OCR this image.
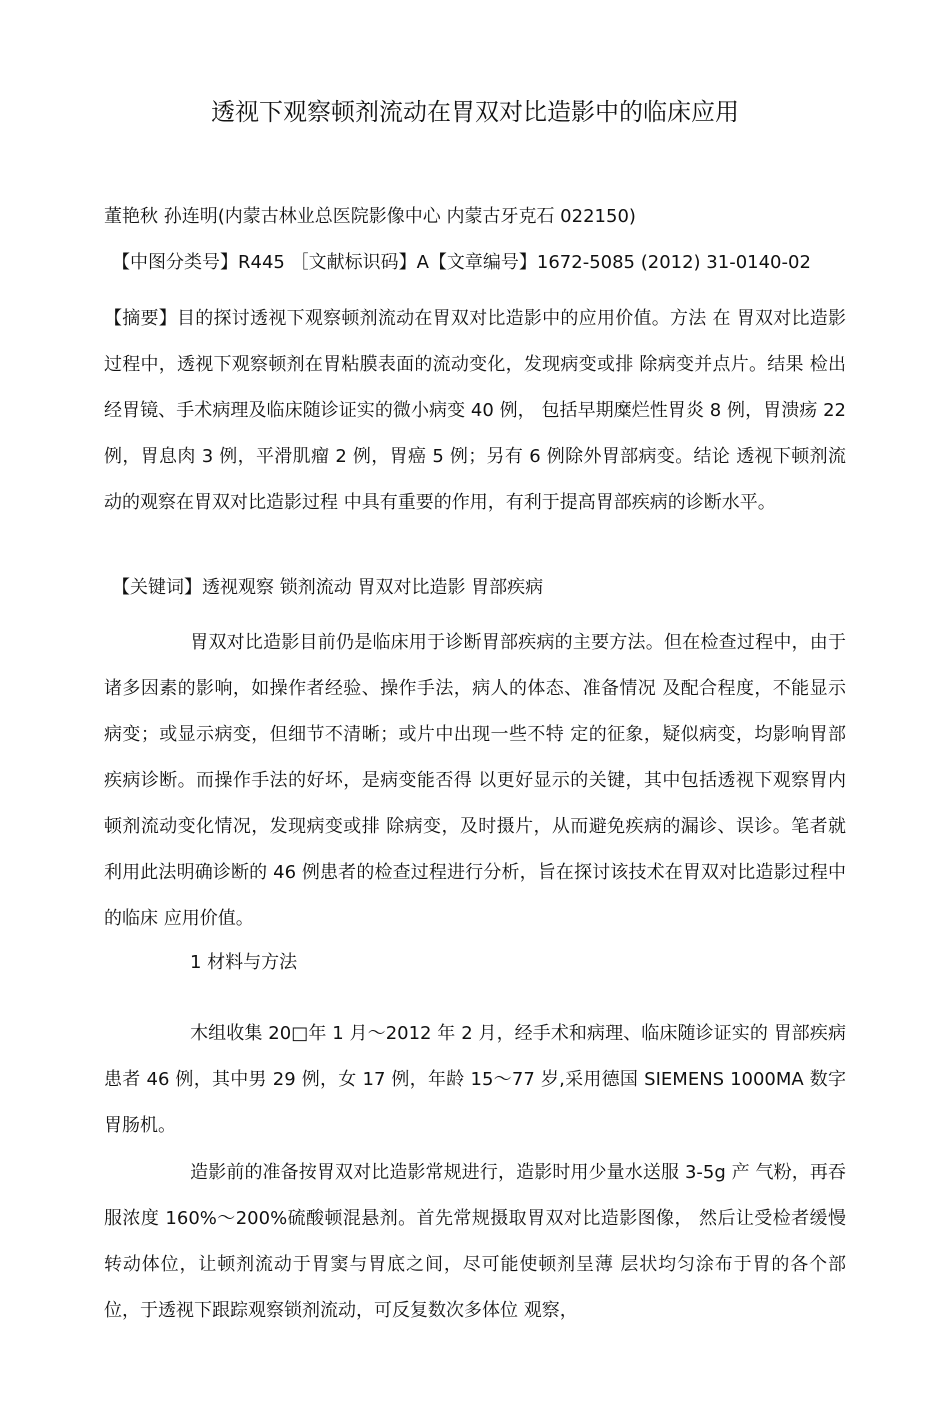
透视下观察顿剂流动在胃双对比造影中的临床应用
董艳秋 孙连明(内蒙古林业总医院影像中心 内蒙古牙克石 022150)
【中图分类号】R445 ［文献标识码】A【文章编号】1672-5085 (2012) 31-0140-02
【摘要】目的探讨透视下观察顿剂流动在胃双对比造影中的应用价值。方法 在 胃双对比造影过程中，透视下观察顿剂在胃粘膜表面的流动变化，发现病变或排 除病变并点片。结果 检出经胃镜、手术病理及临床随诊证实的微小病变 40 例， 包括早期糜烂性胃炎 8 例，胃溃疡 22 例，胃息肉 3 例，平滑肌瘤 2 例，胃癌 5 例；另有 6 例除外胃部病变。结论 透视下顿剂流动的观察在胃双对比造影过程 中具有重要的作用，有利于提高胃部疾病的诊断水平。
【关键词】透视观察 锁剂流动 胃双对比造影 胃部疾病
胃双对比造影目前仍是临床用于诊断胃部疾病的主要方法。但在检查过程中，由于诸多因素的影响，如操作者经验、操作手法，病人的体态、准备情况 及配合程度，不能显示病变；或显示病变，但细节不清晰；或片中出现一些不特 定的征象，疑似病变，均影响胃部疾病诊断。而操作手法的好坏，是病变能否得 以更好显示的关键，其中包括透视下观察胃内顿剂流动变化情况，发现病变或排 除病变，及时摄片，从而避免疾病的漏诊、误诊。笔者就利用此法明确诊断的 46 例患者的检查过程进行分析，旨在探讨该技术在胃双对比造影过程中的临床 应用价值。
1 材料与方法
木组收集 20□年 1 月〜2012 年 2 月，经手术和病理、临床随诊证实的 胃部疾病患者 46 例，其中男 29 例，女 17 例，年龄 15〜77 岁,采用德国 SIEMENS 1000MA 数字胃肠机。
造影前的准备按胃双对比造影常规进行，造影时用少量水送服 3-5g 产 气粉，再吞服浓度 160%〜200%硫酸顿混悬剂。首先常规摄取胃双对比造影图像， 然后让受检者缓慢转动体位，让顿剂流动于胃窦与胃底之间，尽可能使顿剂呈薄 层状均匀涂布于胃的各个部位，于透视下跟踪观察锁剂流动，可反复数次多体位 观察，
